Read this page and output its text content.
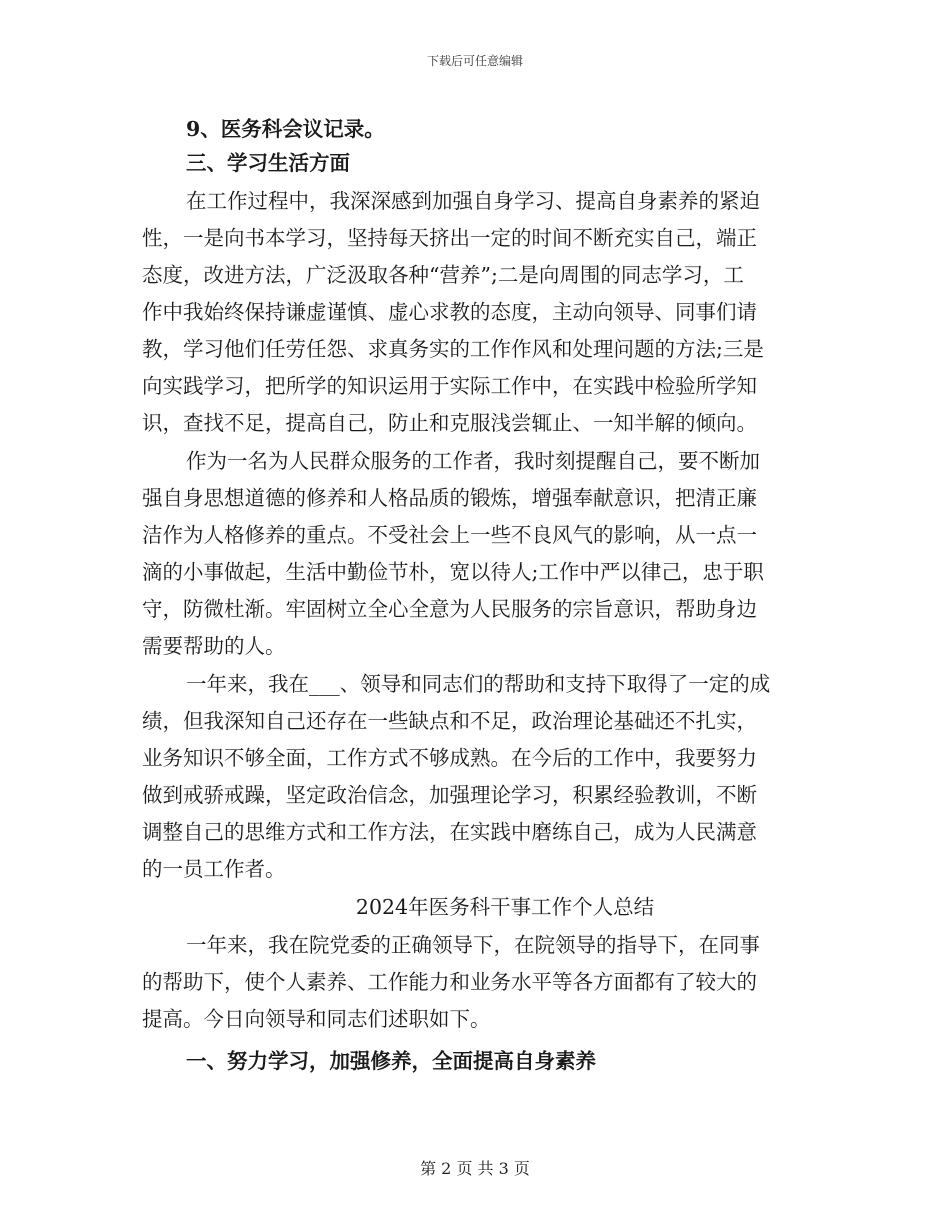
下载后可任意编辑
9、医务科会议记录。
三、学习生活方面
在工作过程中，我深深感到加强自身学习、提高自身素养的紧迫
性，一是向书本学习，坚持每天挤出一定的时间不断充实自己，端正
态度，改进方法，广泛汲取各种“营养”;二是向周围的同志学习，工
作中我始终保持谦虚谨慎、虚心求教的态度，主动向领导、同事们请
教，学习他们任劳任怨、求真务实的工作作风和处理问题的方法;三是
向实践学习，把所学的知识运用于实际工作中，在实践中检验所学知
识，查找不足，提高自己，防止和克服浅尝辄止、一知半解的倾向。
作为一名为人民群众服务的工作者，我时刻提醒自己，要不断加
强自身思想道德的修养和人格品质的锻炼，增强奉献意识，把清正廉
洁作为人格修养的重点。不受社会上一些不良风气的影响，从一点一
滴的小事做起，生活中勤俭节朴，宽以待人;工作中严以律己，忠于职
守，防微杜渐。牢固树立全心全意为人民服务的宗旨意识，帮助身边
需要帮助的人。
一年来，我在___、领导和同志们的帮助和支持下取得了一定的成
绩，但我深知自己还存在一些缺点和不足，政治理论基础还不扎实，
业务知识不够全面，工作方式不够成熟。在今后的工作中，我要努力
做到戒骄戒躁，坚定政治信念，加强理论学习，积累经验教训，不断
调整自己的思维方式和工作方法，在实践中磨练自己，成为人民满意
的一员工作者。
2024年医务科干事工作个人总结
一年来，我在院党委的正确领导下，在院领导的指导下，在同事
的帮助下，使个人素养、工作能力和业务水平等各方面都有了较大的
提高。今日向领导和同志们述职如下。
一、努力学习，加强修养，全面提高自身素养
第 2 页 共 3 页
